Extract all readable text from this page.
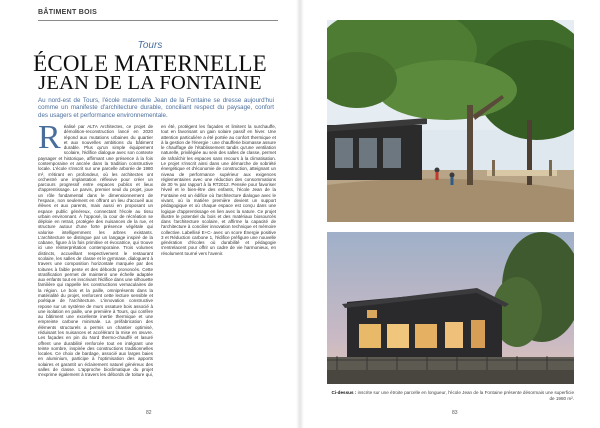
BÂTIMENT BOIS
Tours
ÉCOLE MATERNELLE
JEAN DE LA FONTAINE
Au nord-est de Tours, l'école maternelle Jean de la Fontaine se dresse aujourd'hui comme un manifeste d'architecture durable, conciliant respect du paysage, confort des usagers et performance environnementale.

Réalisé par ALTA Architectes, ce projet de démolition-reconstruction lancé en 2020 répond aux mutations urbaines du quartier et aux nouvelles ambitions du bâtiment durable. Plus qu'un simple équipement scolaire, l'édifice dialogue avec son contexte paysager et historique, affirmant une présence à la fois contemporaine et ancrée dans la tradition constructive locale. L'école s'inscrit sur une parcelle arborée de 1980 m², s'étirant en profondeur, où les architectes ont orchestré une implantation réflexive pour créer un parcours progressif entre espaces publics et lieux d'apprentissage. Le parvis, premier seuil du projet, joue un rôle fondamental dans le dimensionnement de l'espace, non seulement en offrant un lieu d'accueil aux élèves et aux parents, mais aussi en proposant un espace public généreux, connectant l'école au tissu urbain environnant. À l'opposé, la cour de récréation se déploie en retrait, protégée des nuisances de la rue, et structure autour d'une forte présence végétale qui valorise intelligemment les arbres existants. L'architecture se distingue par un langage inspiré de la cabane, figure à la fois primitive et évocatrice, qui trouve ici une réinterprétation contemporaine. Trois volumes distincts, accueillant respectivement le restaurant scolaire, les salles de classe et le gymnase, dialoguent à travers une composition horizontale marquée par des toitures à faible pente et des débords prononcés. Cette stratification permet de maintenir une échelle adaptée aux enfants tout en inscrivant l'édifice dans une silhouette familière qui rappelle les constructions vernaculaires de la région. Le bois et la paille, omniprésents dans la matérialité du projet, renforcent cette lecture sensible et poétique de l'architecture. L'innovation constructive repose sur un système de murs ossature bois associé à une isolation en paille, une première à Tours, qui confère au bâtiment une excellente inertie thermique et une empreinte carbone minimale. La préfabrication des éléments structurels a permis un chantier optimisé, réduisant les nuisances et accélérant la mise en œuvre. Les façades en pin du Nord thermo-chauffé et lasuré offrent une durabilité renforcée tout en intégrant une teinte sombre, inspirée des constructions traditionnelles locales. Ce choix de bardage, associé aux larges baies en aluminium, participe à l'optimisation des apports solaires et garantit un éclairement naturel généreux des salles de classe. L'approche bioclimatique du projet s'exprime également à travers les débords de toiture qui, en été, protègent les façades et limitent la surchauffe, tout en favorisant un gain solaire passif en hiver. Une attention particulière a été portée au confort thermique et à la gestion de l'énergie : une chaufferie biomasse assure le chauffage de l'établissement tandis qu'une ventilation naturelle, privilégiée au sein des salles de classe, permet de rafraîchir les espaces sans recours à la climatisation. Le projet s'inscrit ainsi dans une démarche de sobriété énergétique et d'économie de construction, atteignant un niveau de performance supérieur aux exigences réglementaires avec une réduction des consommations de 30 % par rapport à la RT2012. Pensée pour favoriser l'éveil et le bien-être des enfants, l'école Jean de la Fontaine est un édifice où l'architecture dialogue avec le vivant, où la matière première devient un support pédagogique et où chaque espace est conçu dans une logique d'apprentissage en lien avec la nature. Ce projet illustre le potentiel du bois et des matériaux biosourcés dans l'architecture scolaire, et affirme la capacité de l'architecture à concilier innovation technique et mémoire collective. Labellisé E+C- avec un score Énergie positive 3 et Réduction carbone 1, l'édifice préfigure une nouvelle génération d'écoles où durabilité et pédagogie s'entrelacent pour offrir un cadre de vie harmonieux, en résolument tourné vers l'avenir.

82
Ci-dessus : inscrite sur une étroite parcelle en longueur, l'école Jean de la Fontaine présente désormais une superficie de 1980 m².
83
